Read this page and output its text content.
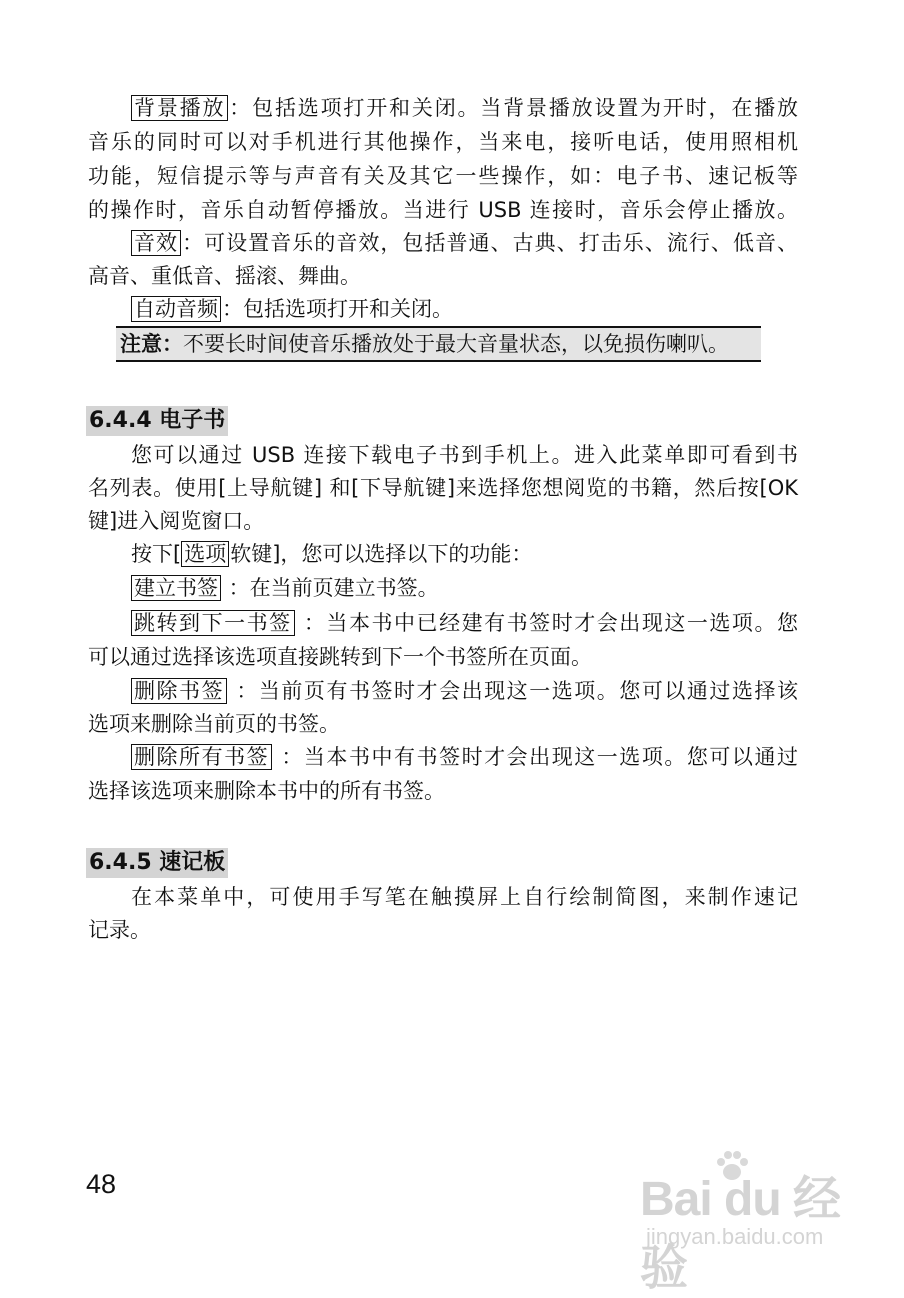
背景播放 ：包括选项打开和关闭。当背景播放设置为开时，在播放
音乐的同时可以对手机进行其他操作，当来电，接听电话，使用照相机
功能，短信提示等与声音有关及其它一些操作，如：电子书、速记板等
的操作时，音乐自动暂停播放。当进行 USB 连接时，音乐会停止播放。
音效 ：可设置音乐的音效，包括普通、古典、打击乐、流行、低音、
高音、重低音、摇滚、舞曲。
自动音频 ：包括选项打开和关闭。
注意：不要长时间使音乐播放处于最大音量状态，以免损伤喇叭。
6.4.4 电子书
您可以通过 USB 连接下载电子书到手机上。进入此菜单即可看到书
名列表。使用[上导航键] 和[下导航键]来选择您想阅览的书籍，然后按[OK
键]进入阅览窗口。
按下[ 选项 软键]，您可以选择以下的功能：
建立书签 ：在当前页建立书签。
跳转到下一书签 ：当本书中已经建有书签时才会出现这一选项。您
可以通过选择该选项直接跳转到下一个书签所在页面。
删除书签 ：当前页有书签时才会出现这一选项。您可以通过选择该
选项来删除当前页的书签。
删除所有书签 ：当本书中有书签时才会出现这一选项。您可以通过
选择该选项来删除本书中的所有书签。
6.4.5 速记板
在本菜单中，可使用手写笔在触摸屏上自行绘制简图，来制作速记
记录。
48	Bai du 经验
jingyan.baidu.com
